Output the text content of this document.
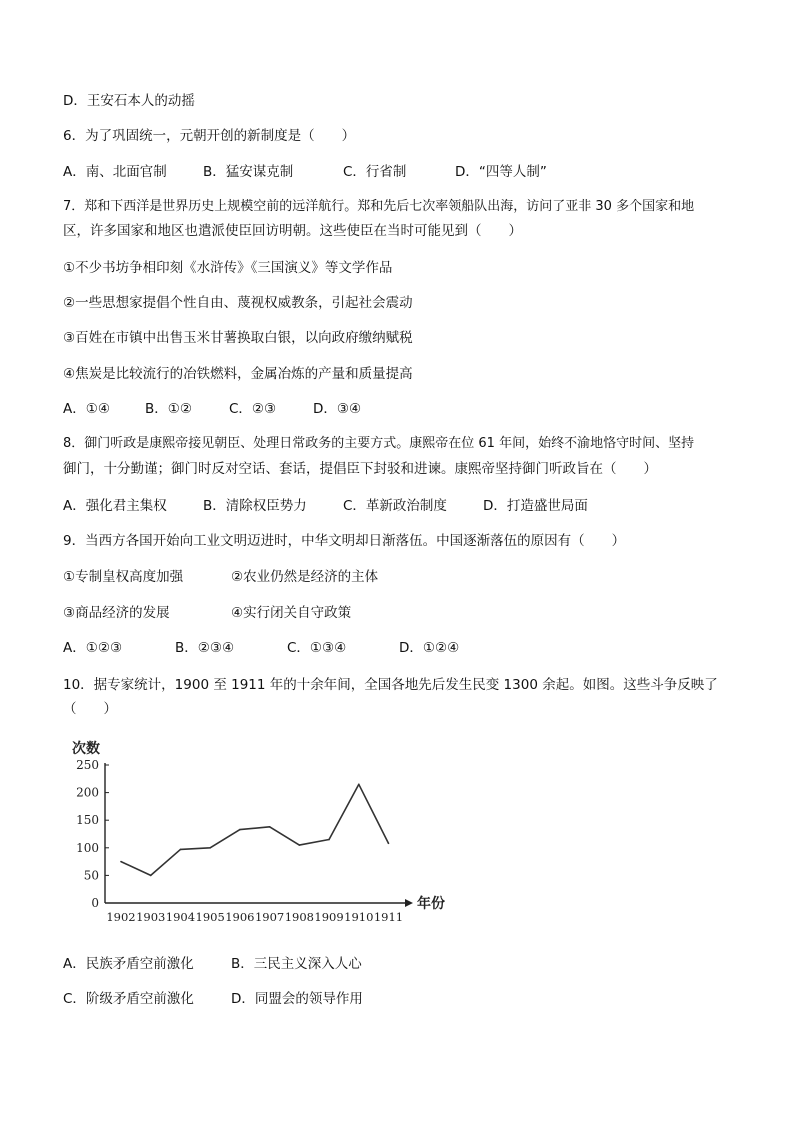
D．王安石本人的动摇
6．为了巩固统一，元朝开创的新制度是（　　）
A．南、北面官制	B．猛安谋克制	C．行省制	D．“四等人制”
7．郑和下西洋是世界历史上规模空前的远洋航行。郑和先后七次率领船队出海，访问了亚非 30 多个国家和地
区，许多国家和地区也遣派使臣回访明朝。这些使臣在当时可能见到（　　）
①不少书坊争相印刻《水浒传》《三国演义》等文学作品
②一些思想家提倡个性自由、蔑视权威教条，引起社会震动
③百姓在市镇中出售玉米甘薯换取白银，以向政府缴纳赋税
④焦炭是比较流行的冶铁燃料，金属冶炼的产量和质量提高
A．①④	B．①②	C．②③	D．③④
8．御门听政是康熙帝接见朝臣、处理日常政务的主要方式。康熙帝在位 61 年间，始终不渝地恪守时间、坚持
御门，十分勤谨；御门时反对空话、套话，提倡臣下封驳和进谏。康熙帝坚持御门听政旨在（　　）
A．强化君主集权	B．清除权臣势力	C．革新政治制度	D．打造盛世局面
9．当西方各国开始向工业文明迈进时，中华文明却日渐落伍。中国逐渐落伍的原因有（　　）
①专制皇权高度加强	②农业仍然是经济的主体
③商品经济的发展	④实行闭关自守政策
A．①②③	B．②③④	C．①③④	D．①②④
10．据专家统计，1900 至 1911 年的十余年间，全国各地先后发生民变 1300 余起。如图。这些斗争反映了
（　　）
0
50
100
150
200
250
1902 1903 1904 1905 1906 1907 1908 1909 1910 1911
次数
年份
A．民族矛盾空前激化	B．三民主义深入人心
C．阶级矛盾空前激化	D．同盟会的领导作用
